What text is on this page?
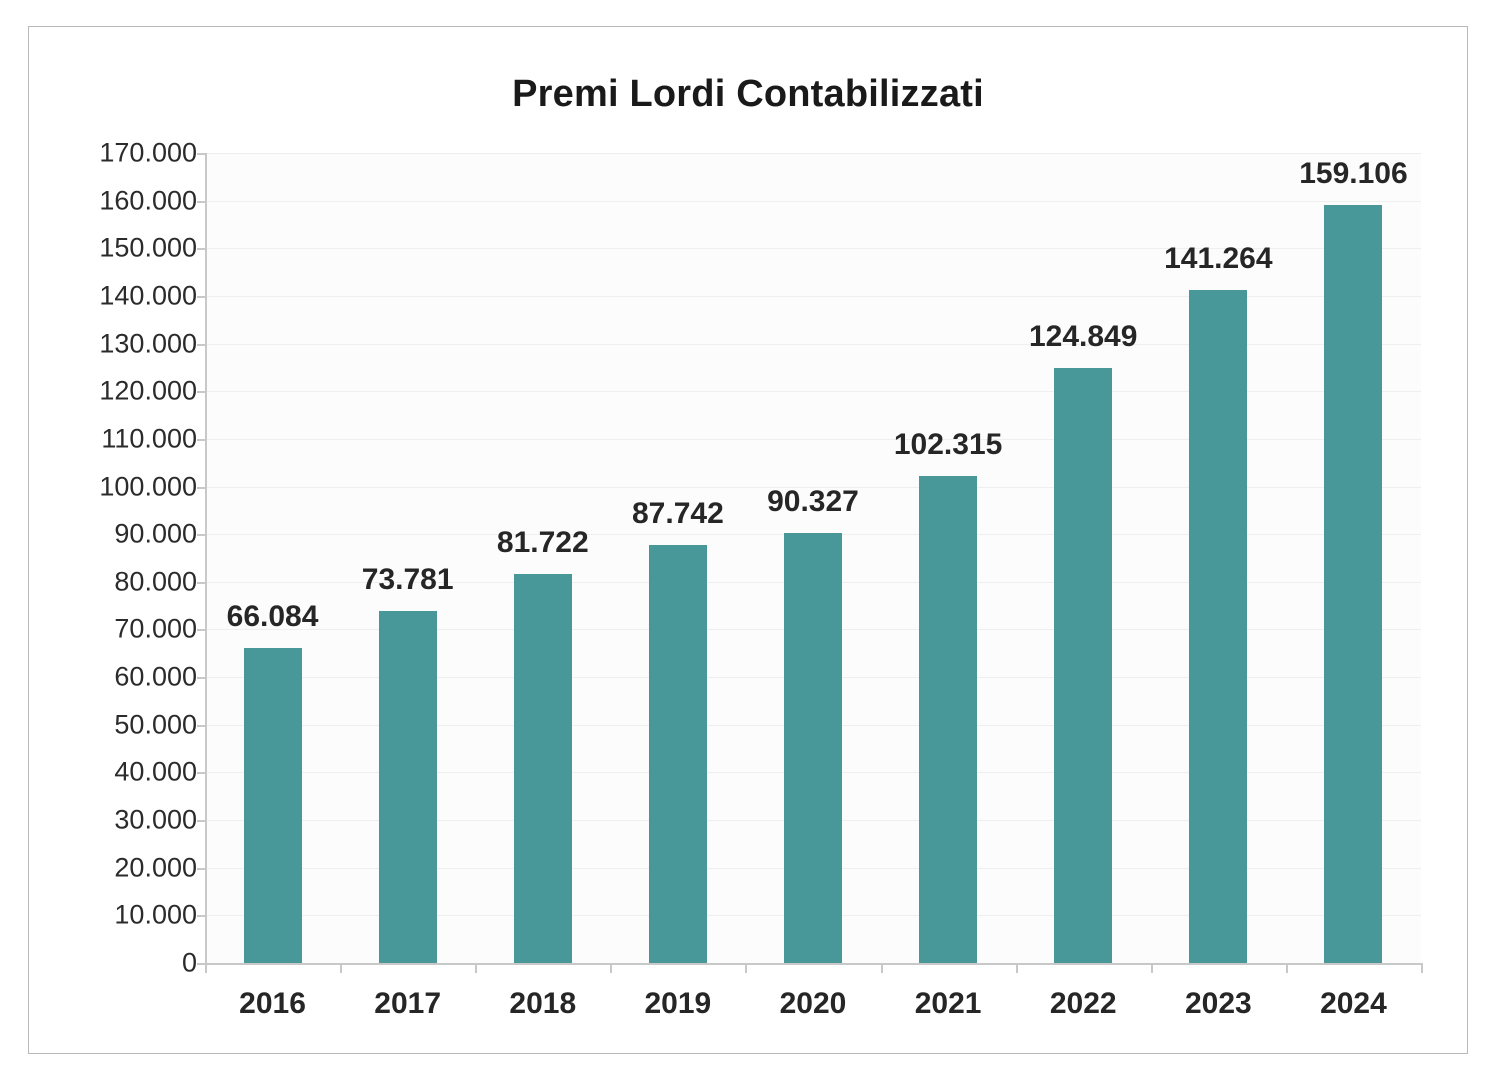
Premi Lordi Contabilizzati
0
10.000
20.000
30.000
40.000
50.000
60.000
70.000
80.000
90.000
100.000
110.000
120.000
130.000
140.000
150.000
160.000
170.000
66.084
73.781
81.722
87.742 90.327
102.315
124.849
141.264
159.106
2016 2017 2018 2019 2020 2021 2022 2023 2024
